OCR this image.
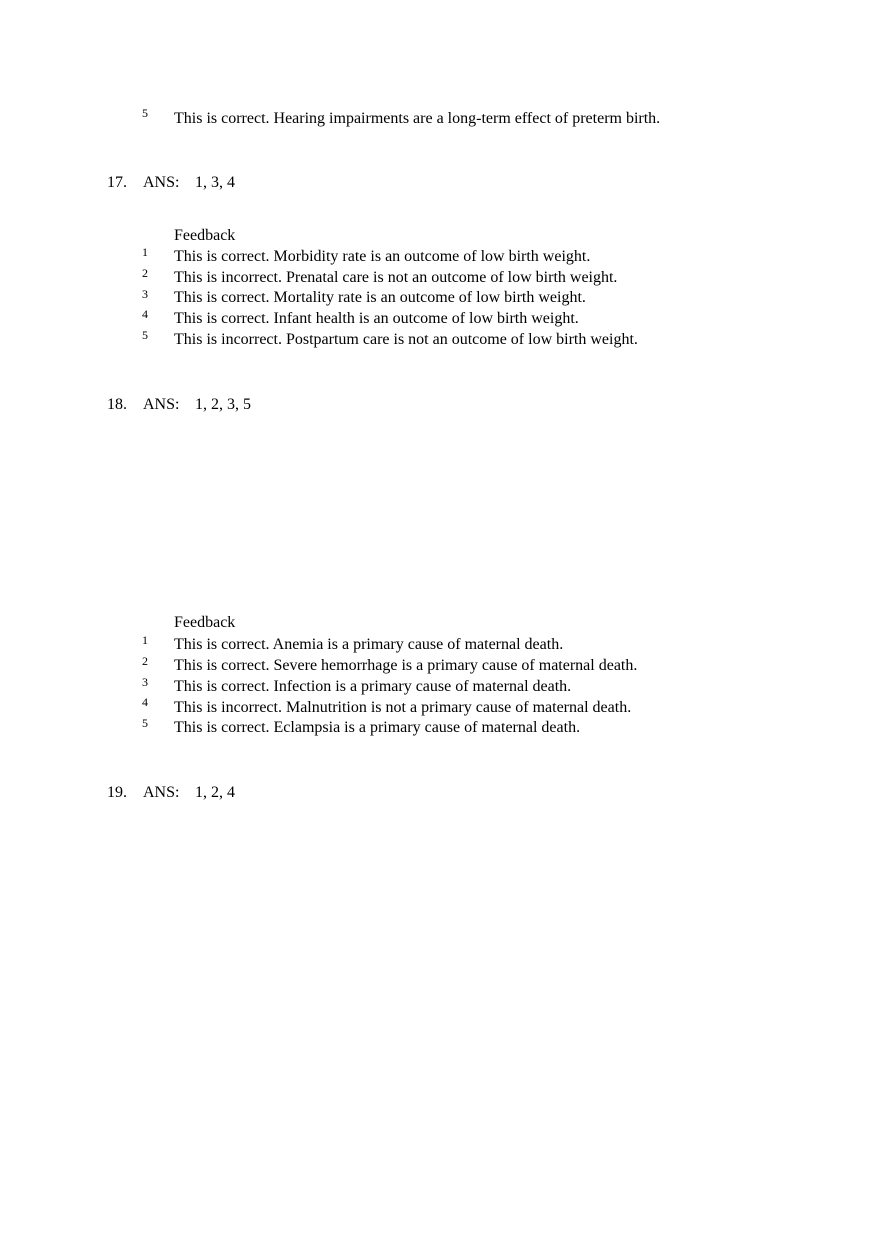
5 This is correct. Hearing impairments are a long-term effect of preterm birth.
17. ANS: 1, 3, 4
Feedback
1 This is correct. Morbidity rate is an outcome of low birth weight.
2 This is incorrect. Prenatal care is not an outcome of low birth weight.
3 This is correct. Mortality rate is an outcome of low birth weight.
4 This is correct. Infant health is an outcome of low birth weight.
5 This is incorrect. Postpartum care is not an outcome of low birth weight.
18. ANS: 1, 2, 3, 5
Feedback
1 This is correct. Anemia is a primary cause of maternal death.
2 This is correct. Severe hemorrhage is a primary cause of maternal death.
3 This is correct. Infection is a primary cause of maternal death.
4 This is incorrect. Malnutrition is not a primary cause of maternal death.
5 This is correct. Eclampsia is a primary cause of maternal death.
19. ANS: 1, 2, 4
